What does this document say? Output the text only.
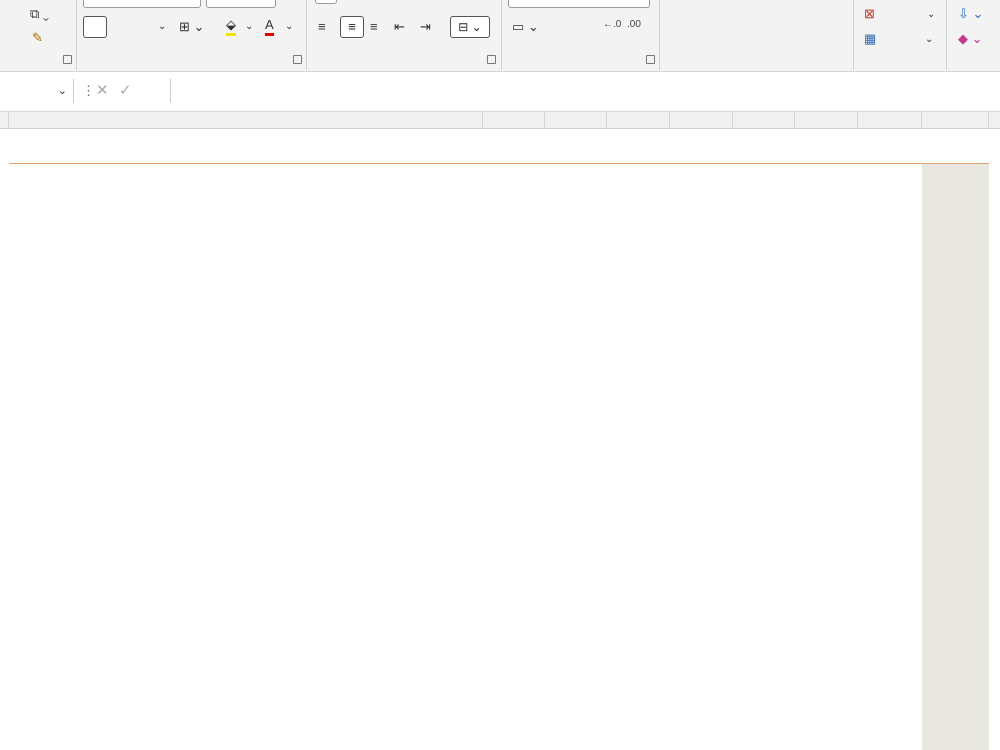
⧉ ⌄
✎
⌄ ⊞ ⌄ ⬙ ⌄ A ⌄ ≡	≡	≡ ⇤ ⇥	⊟ ⌄	▭ ⌄	←.0 .00
⊠	⌄
▦	⌄
⇩ ⌄
◆ ⌄
⌄	⋮ ✕ ✓
